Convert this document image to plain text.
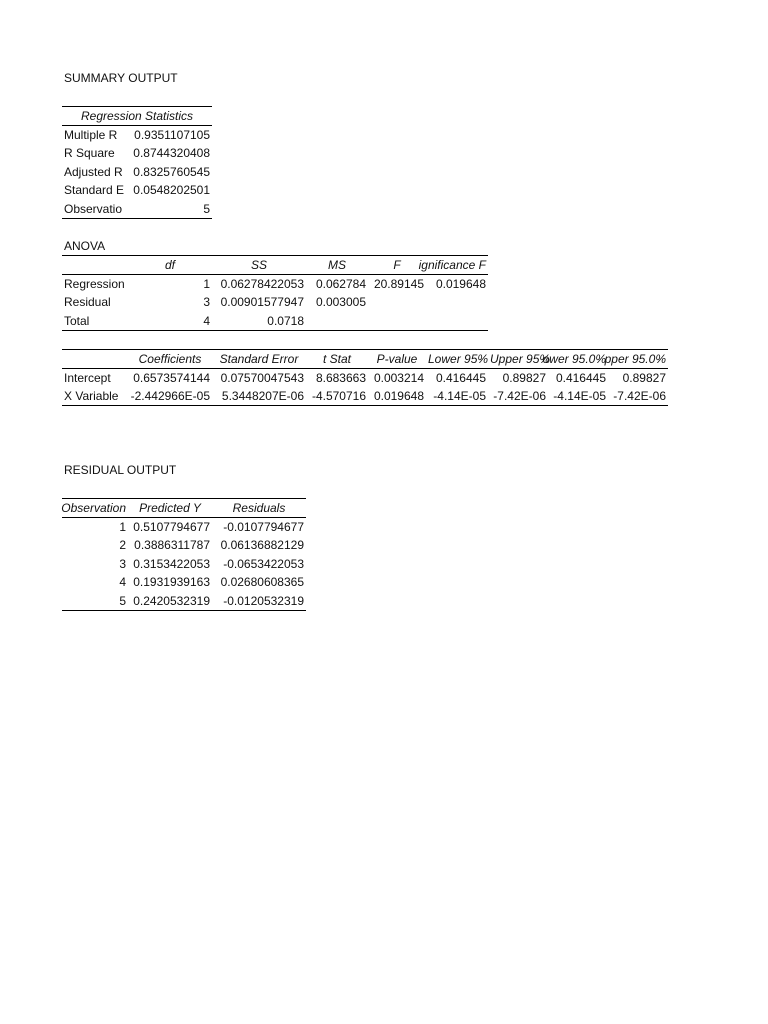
SUMMARY OUTPUT
Regression Statistics	
Multiple R	0.9351107105
R Square	0.8744320408
Adjusted R	0.8325760545
Standard E	0.0548202501
Observatio	5
ANOVA
	df	SS	MS	F	ignificance F
Regression	1	0.06278422053	0.062784	20.89145	0.019648
Residual	3	0.00901577947	0.003005		
Total	4	0.0718			
	Coefficients	Standard Error	t Stat	P-value	Lower 95%	Upper 95%	ower 95.0%	pper 95.0%
Intercept	0.6573574144	0.07570047543	8.683663	0.003214	0.416445	0.89827	0.416445	0.89827
X Variable	-2.442966E-05	5.3448207E-06	-4.570716	0.019648	-4.14E-05	-7.42E-06	-4.14E-05	-7.42E-06
RESIDUAL OUTPUT
Observation	Predicted Y	Residuals
1	0.5107794677	-0.0107794677
2	0.3886311787	0.06136882129
3	0.3153422053	-0.0653422053
4	0.1931939163	0.02680608365
5	0.2420532319	-0.0120532319
